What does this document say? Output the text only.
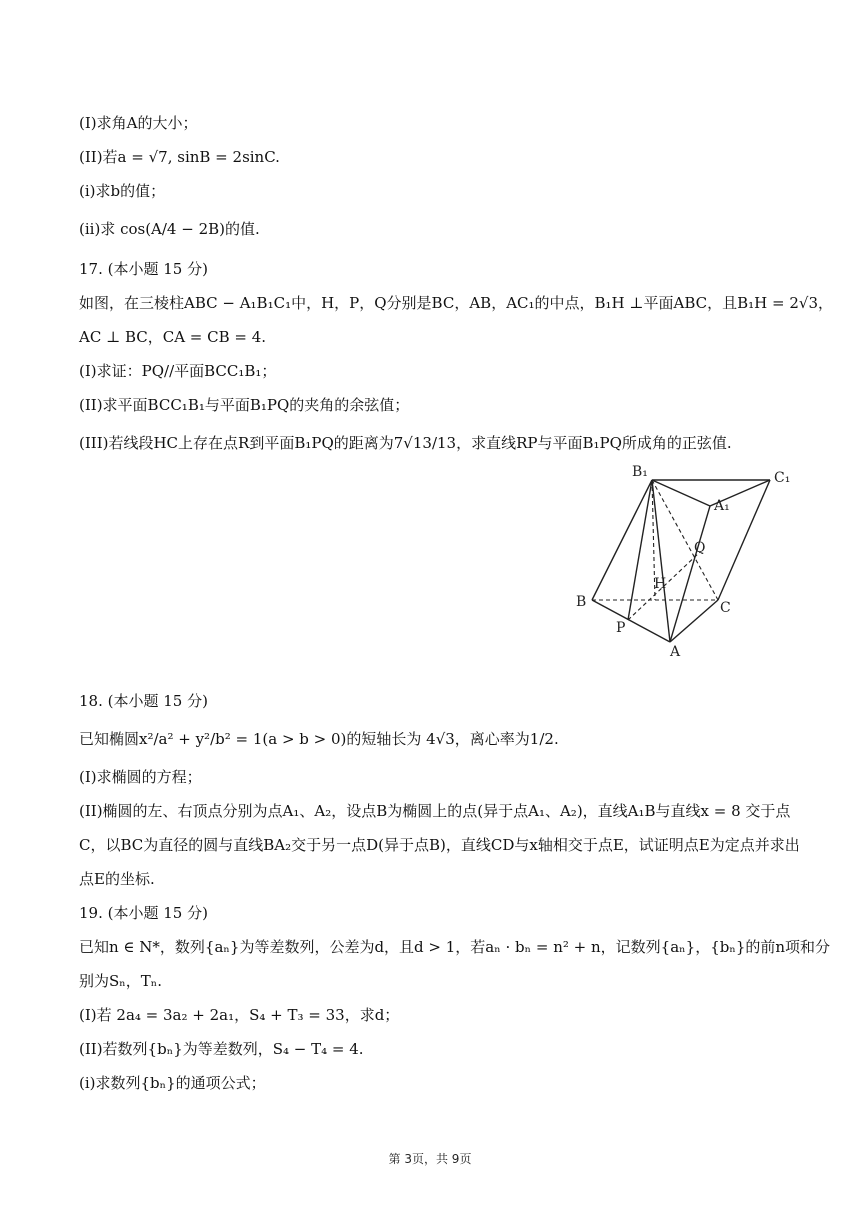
(I)求角A的大小；
(II)若a = √7, sinB = 2sinC.
(i)求b的值；
(ii)求 cos(A/4 − 2B)的值.
17. (本小题 15 分)
如图，在三棱柱ABC − A₁B₁C₁中，H，P，Q分别是BC，AB，AC₁的中点，B₁H ⊥平面ABC，且B₁H = 2√3，
AC ⊥ BC，CA = CB = 4.
(I)求证：PQ//平面BCC₁B₁；
(II)求平面BCC₁B₁与平面B₁PQ的夹角的余弦值；
(III)若线段HC上存在点R到平面B₁PQ的距离为7√13/13，求直线RP与平面B₁PQ所成角的正弦值.
B₁	C₁
A₁
Q
H
B	C
P
A
18. (本小题 15 分)
已知椭圆x²/a² + y²/b² = 1(a > b > 0)的短轴长为 4√3，离心率为1/2.
(I)求椭圆的方程；
(II)椭圆的左、右顶点分别为点A₁、A₂，设点B为椭圆上的点(异于点A₁、A₂)，直线A₁B与直线x = 8 交于点
C，以BC为直径的圆与直线BA₂交于另一点D(异于点B)，直线CD与x轴相交于点E，试证明点E为定点并求出
点E的坐标.
19. (本小题 15 分)
已知n ∈ N*，数列{aₙ}为等差数列，公差为d，且d > 1，若aₙ · bₙ = n² + n，记数列{aₙ}，{bₙ}的前n项和分
别为Sₙ，Tₙ.
(I)若 2a₄ = 3a₂ + 2a₁，S₄ + T₃ = 33，求d；
(II)若数列{bₙ}为等差数列，S₄ − T₄ = 4.
(i)求数列{bₙ}的通项公式；
第 3页，共 9页
